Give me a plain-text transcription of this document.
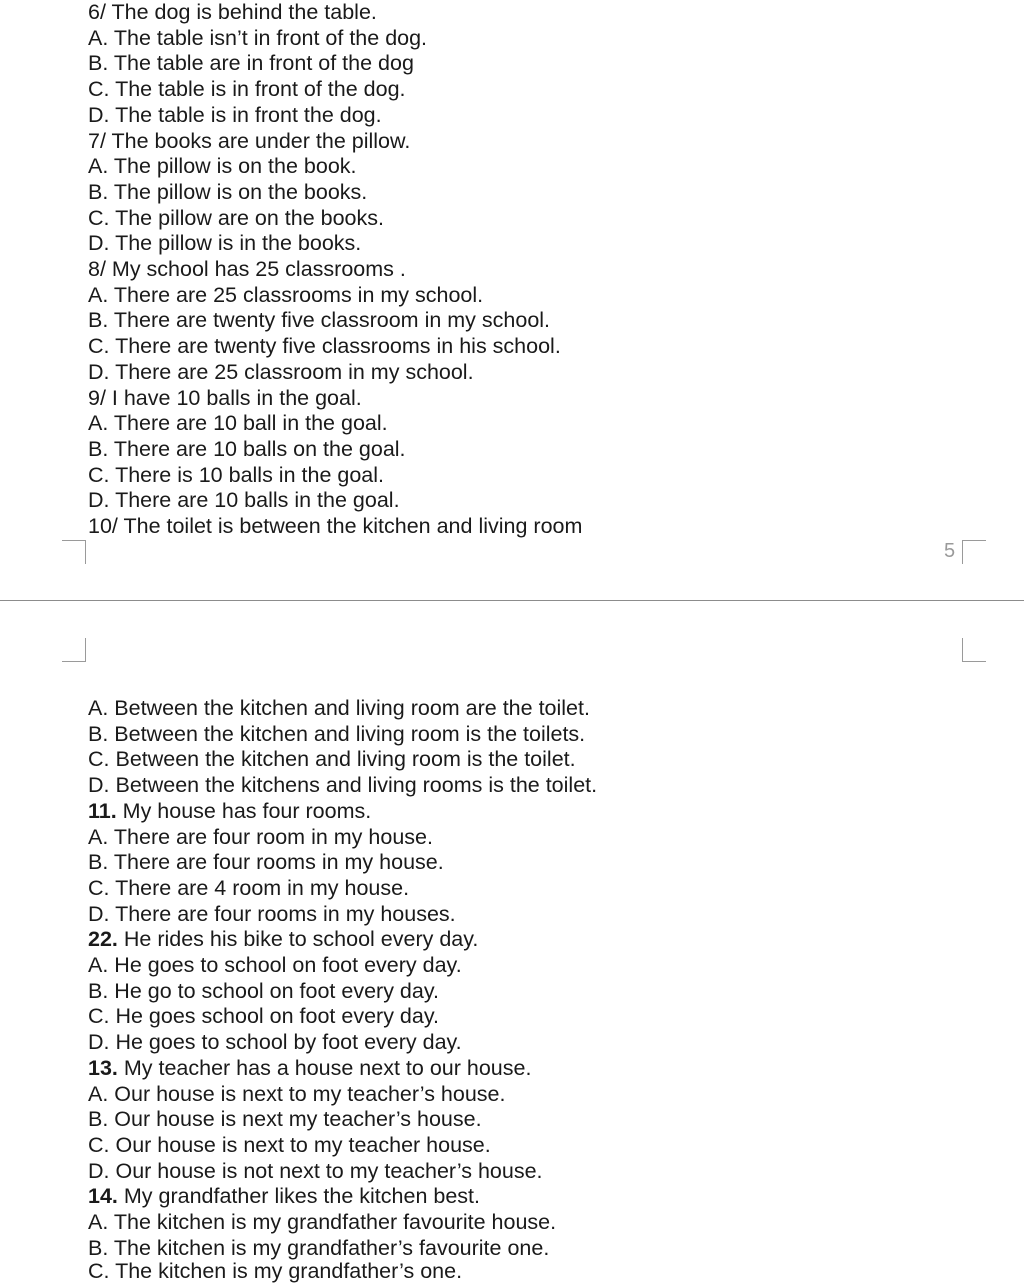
6/ The dog is behind the table.
A. The table isn’t in front of the dog.
B. The table are in front of the dog
C. The table is in front of the dog.
D. The table is in front the dog.
7/ The books are under the pillow.
A. The pillow is on the book.
B. The pillow is on the books.
C. The pillow are on the books.
D. The pillow is in the books.
8/ My school has 25 classrooms .
A. There are 25 classrooms in my school.
B. There are twenty five classroom in my school.
C. There are twenty five classrooms in his school.
D. There are 25 classroom in my school.
9/ I have 10 balls in the goal.
A. There are 10 ball in the goal.
B. There are 10 balls on the goal.
C. There is 10 balls in the goal.
D. There are 10 balls in the goal.
10/ The toilet is between the kitchen and living room
5
A. Between the kitchen and living room are the toilet.
B. Between the kitchen and living room is the toilets.
C. Between the kitchen and living room is the toilet.
D. Between the kitchens and living rooms is the toilet.
11. My house has four rooms.
A. There are four room in my house.
B. There are four rooms in my house.
C. There are 4 room in my house.
D. There are four rooms in my houses.
22. He rides his bike to school every day.
A. He goes to school on foot every day.
B. He go to school on foot every day.
C. He goes school on foot every day.
D. He goes to school by foot every day.
13. My teacher has a house next to our house.
A. Our house is next to my teacher’s house.
B. Our house is next my teacher’s house.
C. Our house is next to my teacher house.
D. Our house is not next to my teacher’s house.
14. My grandfather likes the kitchen best.
A. The kitchen is my grandfather favourite house.
B. The kitchen is my grandfather’s favourite one.
C. The kitchen is my grandfather’s one.
